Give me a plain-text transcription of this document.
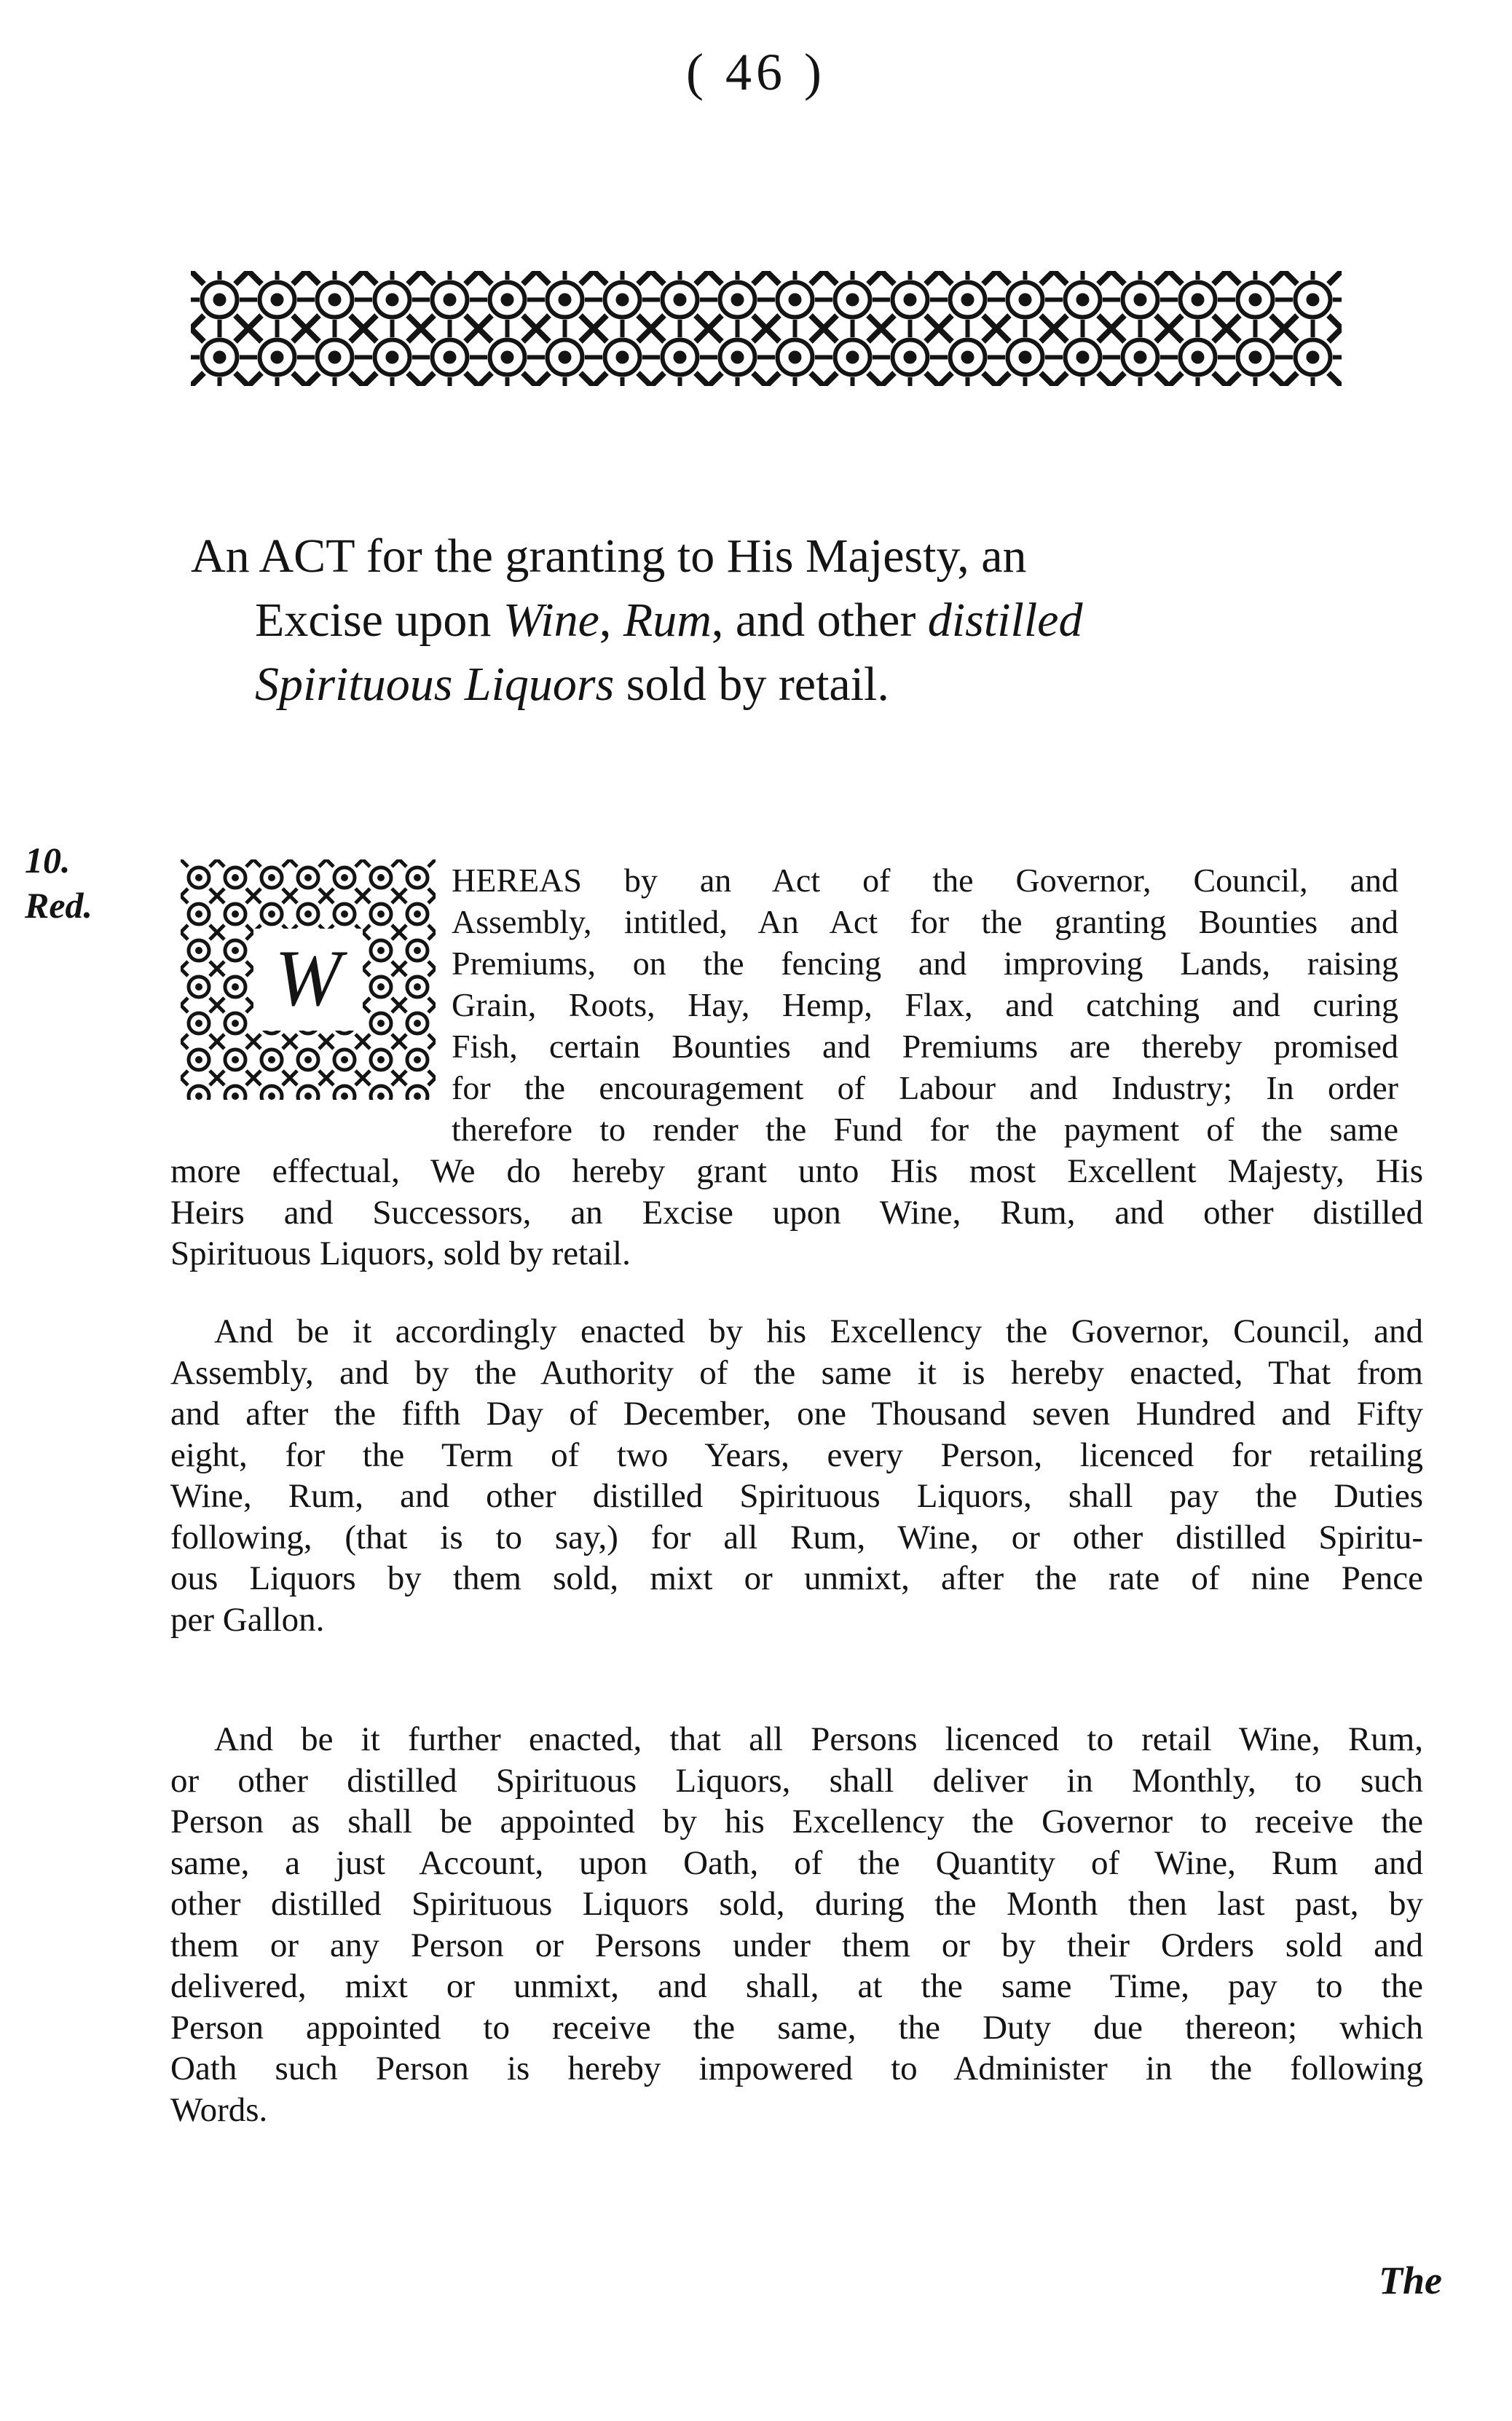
( 46 )
An ACT for the granting to His Majesty, an
Excise upon Wine, Rum, and other distilled
Spirituous Liquors sold by retail.
10.
Red.
W
HEREAS by an Act of the Governor, Council, and
Assembly, intitled, An Act for the granting Bounties and
Premiums, on the fencing and improving Lands, raising
Grain, Roots, Hay, Hemp, Flax, and catching and curing
Fish, certain Bounties and Premiums are thereby promised
for the encouragement of Labour and Industry; In order
therefore to render the Fund for the payment of the same
more effectual, We do hereby grant unto His most Excellent Majesty, His
Heirs and Successors, an Excise upon Wine, Rum, and other distilled
Spirituous Liquors, sold by retail.
And be it accordingly enacted by his Excellency the Governor, Council, and
Assembly, and by the Authority of the same it is hereby enacted, That from
and after the fifth Day of December, one Thousand seven Hundred and Fifty
eight, for the Term of two Years, every Person, licenced for retailing
Wine, Rum, and other distilled Spirituous Liquors, shall pay the Duties
following, (that is to say,) for all Rum, Wine, or other distilled Spiritu-
ous Liquors by them sold, mixt or unmixt, after the rate of nine Pence
per Gallon.
And be it further enacted, that all Persons licenced to retail Wine, Rum,
or other distilled Spirituous Liquors, shall deliver in Monthly, to such
Person as shall be appointed by his Excellency the Governor to receive the
same, a just Account, upon Oath, of the Quantity of Wine, Rum and
other distilled Spirituous Liquors sold, during the Month then last past, by
them or any Person or Persons under them or by their Orders sold and
delivered, mixt or unmixt, and shall, at the same Time, pay to the
Person appointed to receive the same, the Duty due thereon; which
Oath such Person is hereby impowered to Administer in the following
Words.
The
